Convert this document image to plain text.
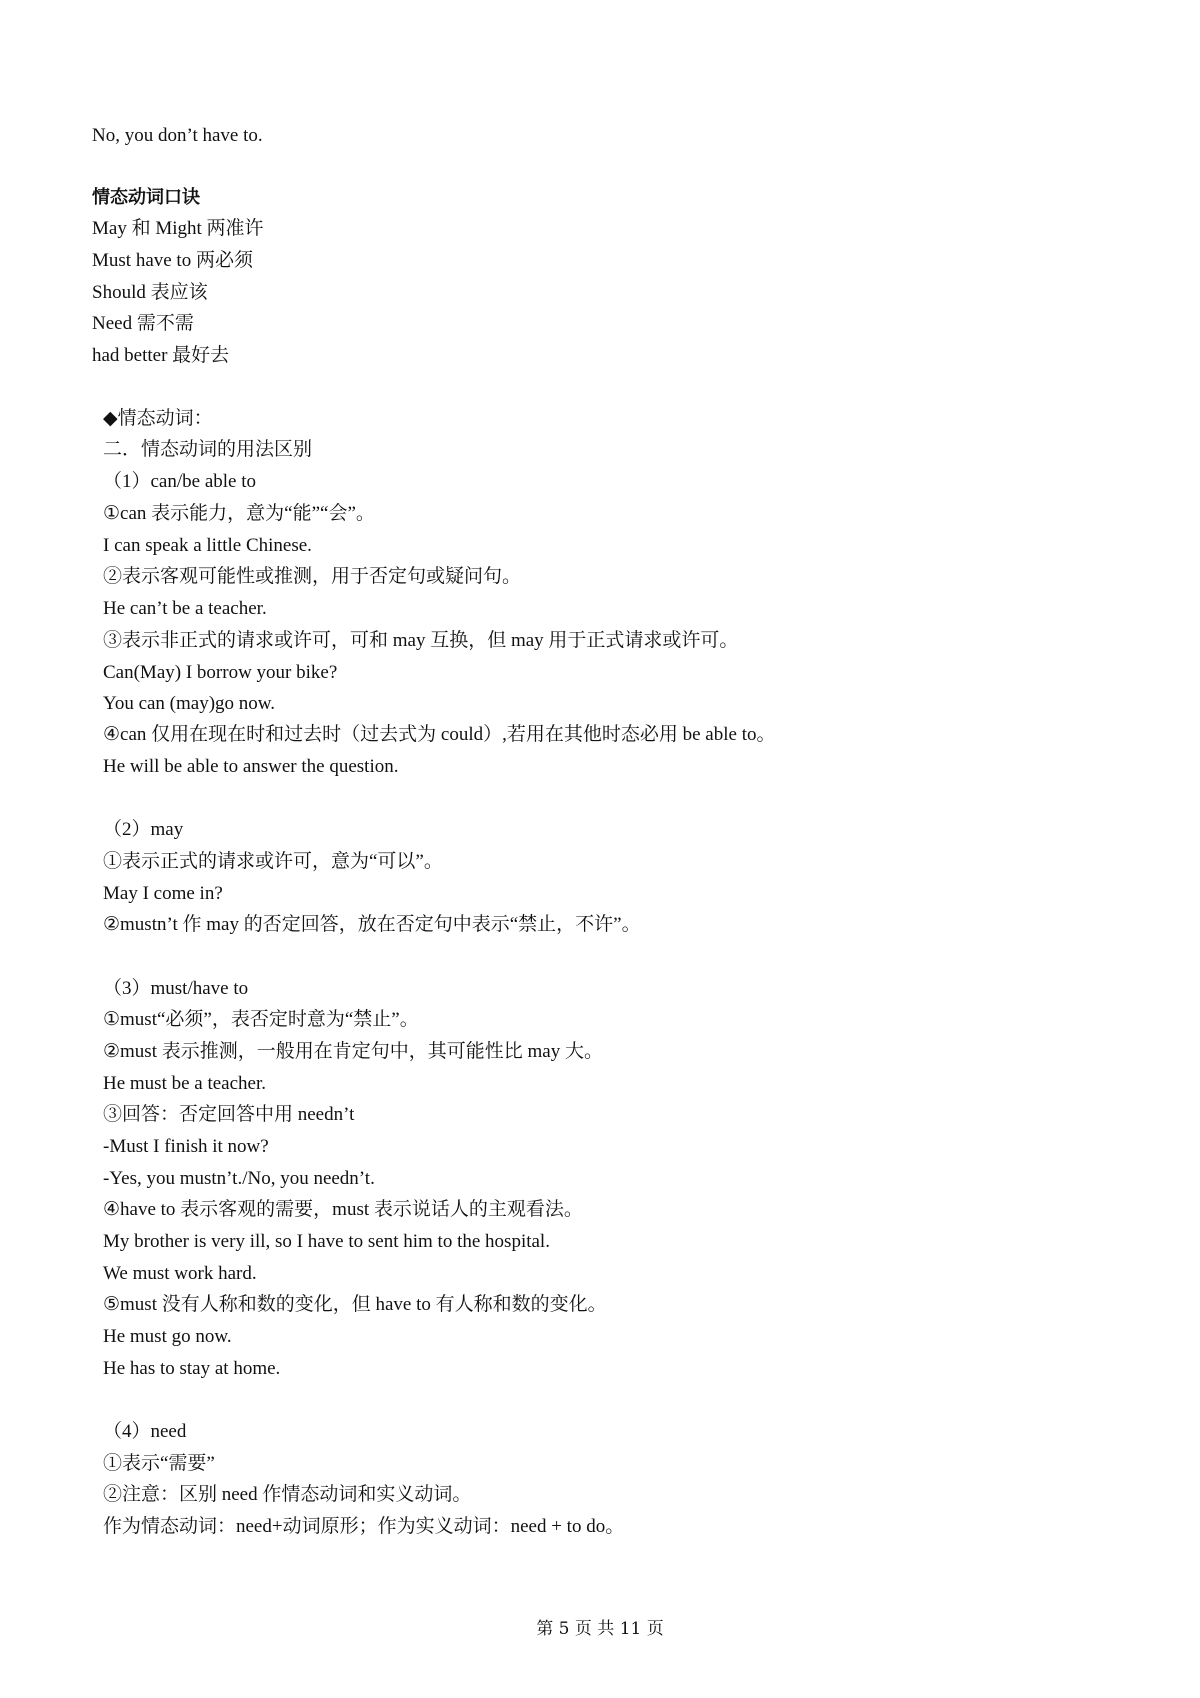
No, you don’t have to.
情态动词口诀
May 和 Might 两准许
Must have to 两必须
Should 表应该
Need 需不需
had better 最好去
◆情态动词：
二．情态动词的用法区别
（1）can/be able to
①can 表示能力，意为“能”“会”。
I can speak a little Chinese.
②表示客观可能性或推测，用于否定句或疑问句。
He can’t be a teacher.
③表示非正式的请求或许可，可和 may 互换，但 may 用于正式请求或许可。
Can(May) I borrow your bike?
You can (may)go now.
④can 仅用在现在时和过去时（过去式为 could）,若用在其他时态必用 be able to。
He will be able to answer the question.
（2）may
①表示正式的请求或许可，意为“可以”。
May I come in?
②mustn’t 作 may 的否定回答，放在否定句中表示“禁止，不许”。
（3）must/have to
①must“必须”，表否定时意为“禁止”。
②must 表示推测，一般用在肯定句中，其可能性比 may 大。
He must be a teacher.
③回答：否定回答中用 needn’t
-Must I finish it now?
-Yes, you mustn’t./No, you needn’t.
④have to 表示客观的需要，must 表示说话人的主观看法。
My brother is very ill, so I have to sent him to the hospital.
We must work hard.
⑤must 没有人称和数的变化，但 have to 有人称和数的变化。
He must go now.
He has to stay at home.
（4）need
①表示“需要”
②注意：区别 need 作情态动词和实义动词。
作为情态动词：need+动词原形；作为实义动词：need + to do。
第 5 页 共 11 页
